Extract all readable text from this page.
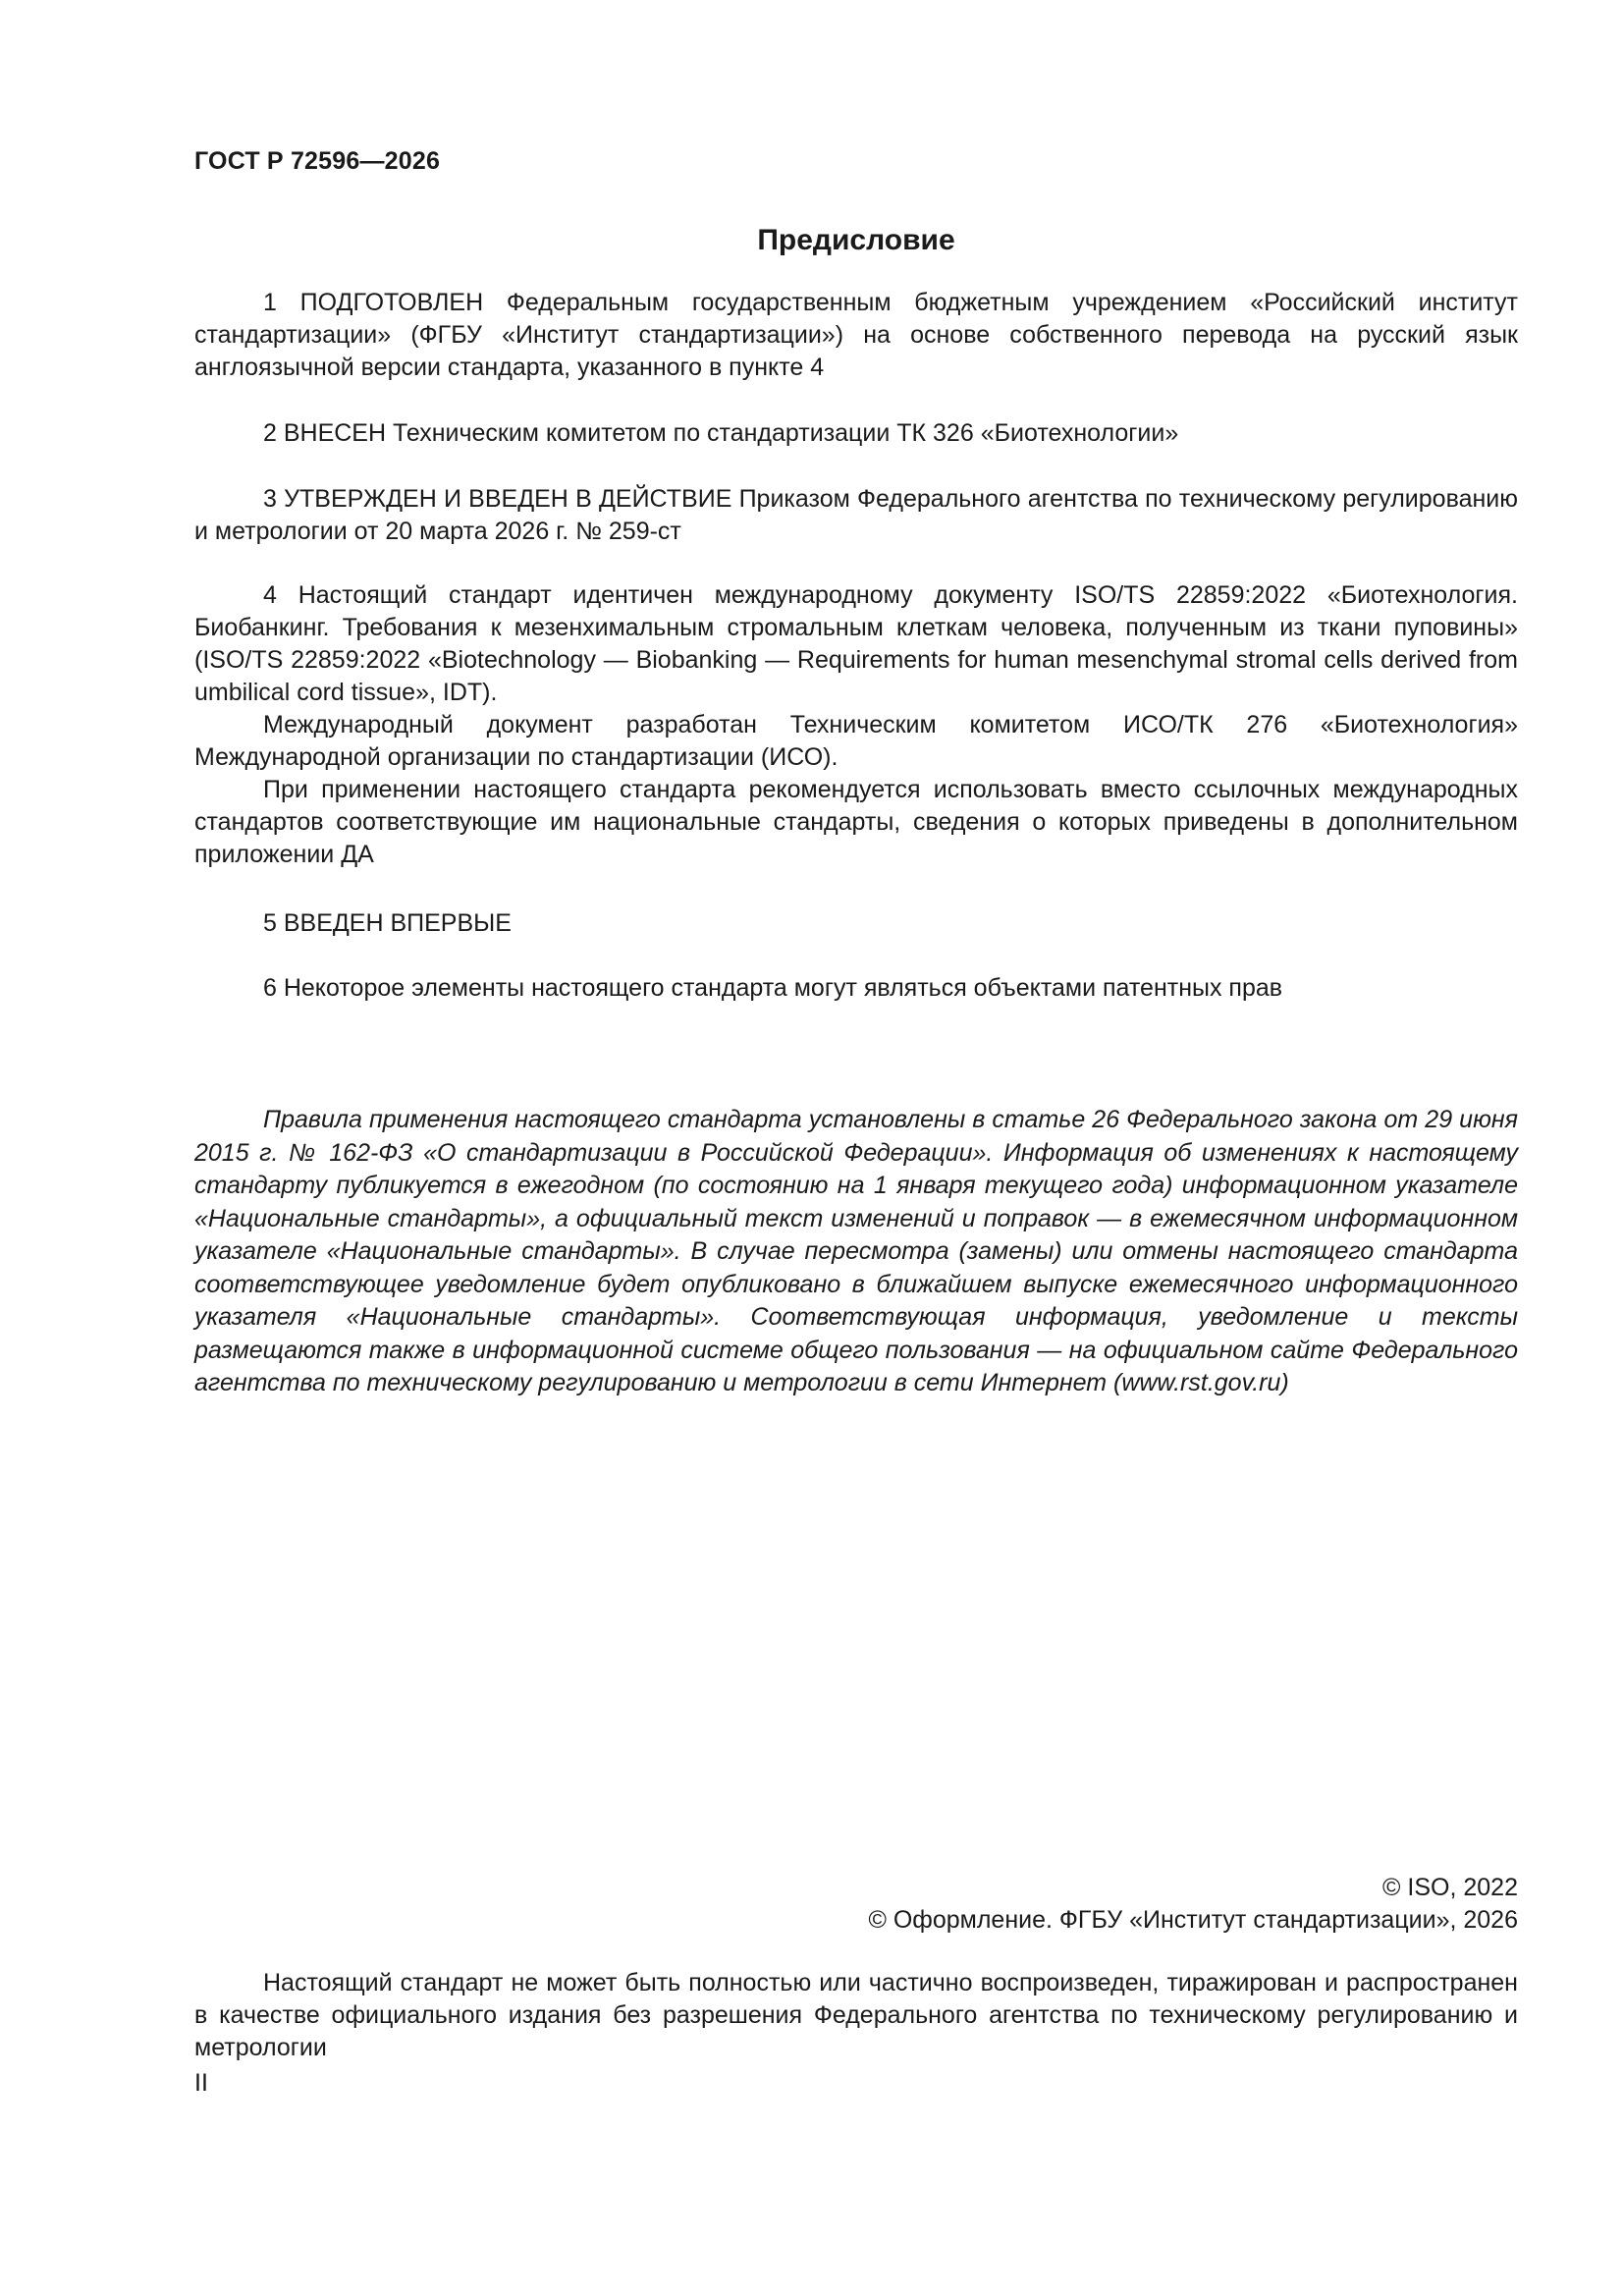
ГОСТ Р 72596—2026
Предисловие

1 ПОДГОТОВЛЕН Федеральным государственным бюджетным учреждением «Российский институт стандартизации» (ФГБУ «Институт стандартизации») на основе собственного перевода на русский язык англоязычной версии стандарта, указанного в пункте 4

2 ВНЕСЕН Техническим комитетом по стандартизации ТК 326 «Биотехнологии»

3 УТВЕРЖДЕН И ВВЕДЕН В ДЕЙСТВИЕ Приказом Федерального агентства по техническому регулированию и метрологии от 20 марта 2026 г. № 259-ст

4 Настоящий стандарт идентичен международному документу ISO/TS 22859:2022 «Биотехнология. Биобанкинг. Требования к мезенхимальным стромальным клеткам человека, полученным из ткани пуповины» (ISO/TS 22859:2022 «Biotechnology — Biobanking — Requirements for human mesenchymal stromal cells derived from umbilical cord tissue», IDT).

Международный документ разработан Техническим комитетом ИСО/ТК 276 «Биотехнология» Международной организации по стандартизации (ИСО).

При применении настоящего стандарта рекомендуется использовать вместо ссылочных международных стандартов соответствующие им национальные стандарты, сведения о которых приведены в дополнительном приложении ДА

5 ВВЕДЕН ВПЕРВЫЕ

6 Некоторое элементы настоящего стандарта могут являться объектами патентных прав

Правила применения настоящего стандарта установлены в статье 26 Федерального закона от 29 июня 2015 г. № 162-ФЗ «О стандартизации в Российской Федерации». Информация об изменениях к настоящему стандарту публикуется в ежегодном (по состоянию на 1 января текущего года) информационном указателе «Национальные стандарты», а официальный текст изменений и поправок — в ежемесячном информационном указателе «Национальные стандарты». В случае пересмотра (замены) или отмены настоящего стандарта соответствующее уведомление будет опубликовано в ближайшем выпуске ежемесячного информационного указателя «Национальные стандарты». Соответствующая информация, уведомление и тексты размещаются также в информационной системе общего пользования — на официальном сайте Федерального агентства по техническому регулированию и метрологии в сети Интернет (www.rst.gov.ru)
© ISO, 2022
© Оформление. ФГБУ «Институт стандартизации», 2026
Настоящий стандарт не может быть полностью или частично воспроизведен, тиражирован и распространен в качестве официального издания без разрешения Федерального агентства по техническому регулированию и метрологии
II
